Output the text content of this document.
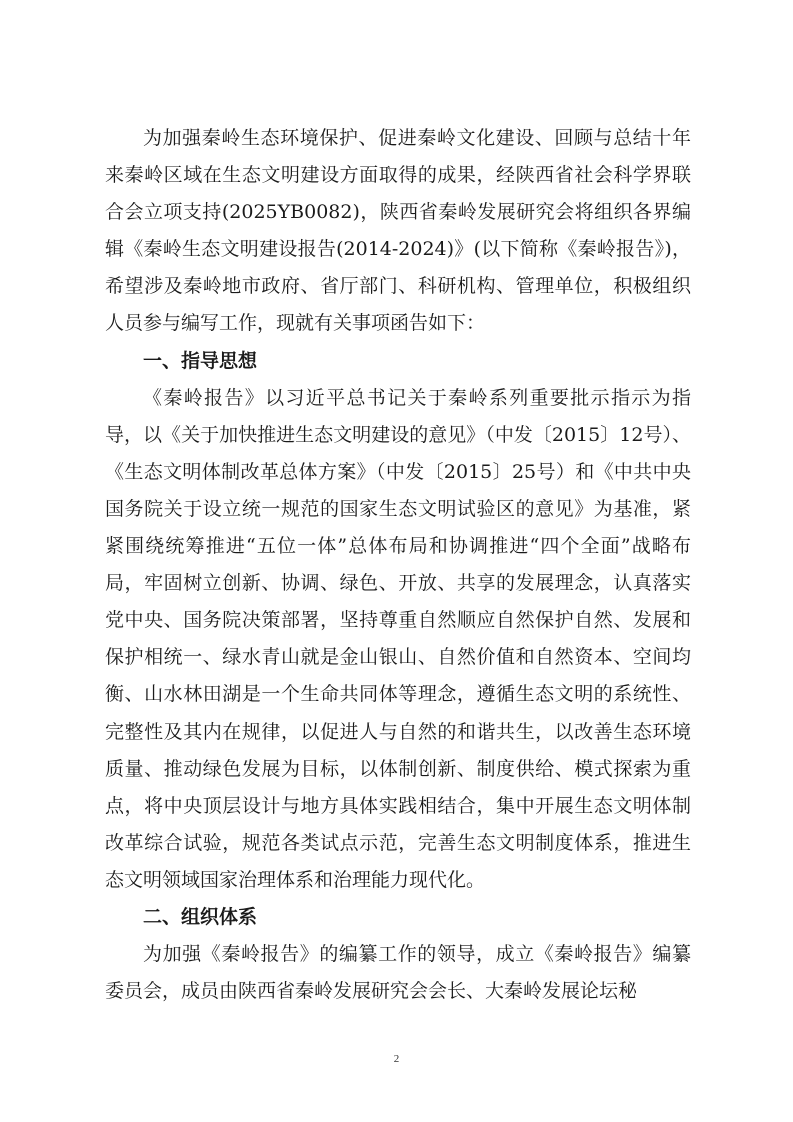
为加强秦岭生态环境保护、促进秦岭文化建设、回顾与总结十年来秦岭区域在生态文明建设方面取得的成果，经陕西省社会科学界联合会立项支持(2025YB0082)，陕西省秦岭发展研究会将组织各界编辑《秦岭生态文明建设报告(2014-2024)》(以下简称《秦岭报告》)，希望涉及秦岭地市政府、省厅部门、科研机构、管理单位，积极组织人员参与编写工作，现就有关事项函告如下：

一、指导思想

《秦岭报告》以习近平总书记关于秦岭系列重要批示指示为指导，以《关于加快推进生态文明建设的意见》（中发〔2015〕12号）、《生态文明体制改革总体方案》（中发〔2015〕25号）和《中共中央国务院关于设立统一规范的国家生态文明试验区的意见》为基准，紧紧围绕统筹推进“五位一体”总体布局和协调推进“四个全面”战略布局，牢固树立创新、协调、绿色、开放、共享的发展理念，认真落实党中央、国务院决策部署，坚持尊重自然顺应自然保护自然、发展和保护相统一、绿水青山就是金山银山、自然价值和自然资本、空间均衡、山水林田湖是一个生命共同体等理念，遵循生态文明的系统性、完整性及其内在规律，以促进人与自然的和谐共生，以改善生态环境质量、推动绿色发展为目标，以体制创新、制度供给、模式探索为重点，将中央顶层设计与地方具体实践相结合，集中开展生态文明体制改革综合试验，规范各类试点示范，完善生态文明制度体系，推进生态文明领域国家治理体系和治理能力现代化。

二、组织体系

为加强《秦岭报告》的编纂工作的领导，成立《秦岭报告》编纂委员会，成员由陕西省秦岭发展研究会会长、大秦岭发展论坛秘

2
